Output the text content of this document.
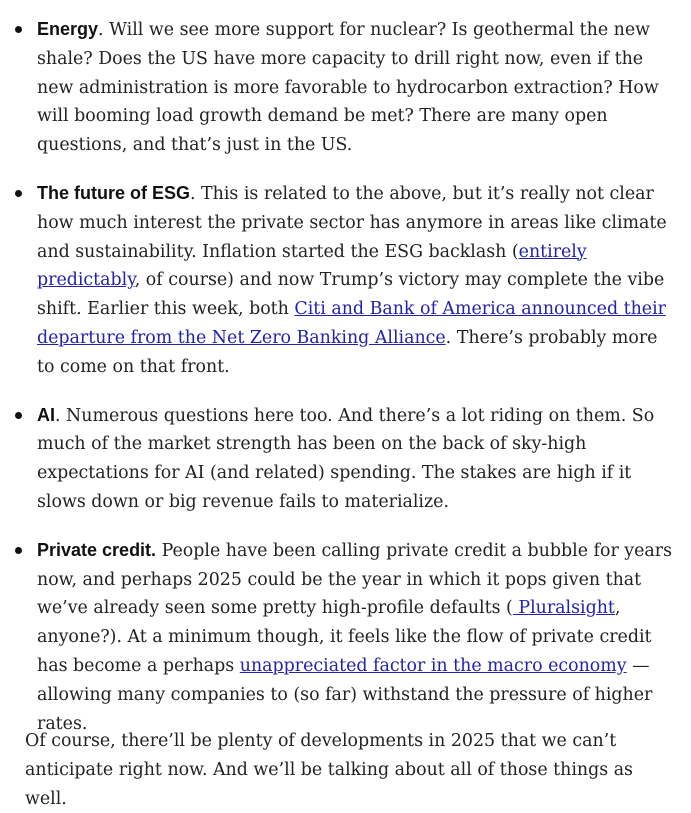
Energy. Will we see more support for nuclear? Is geothermal the new shale? Does the US have more capacity to drill right now, even if the new administration is more favorable to hydrocarbon extraction? How will booming load growth demand be met? There are many open questions, and that’s just in the US.
The future of ESG. This is related to the above, but it’s really not clear how much interest the private sector has anymore in areas like climate and sustainability. Inflation started the ESG backlash (entirely predictably, of course) and now Trump’s victory may complete the vibe shift. Earlier this week, both Citi and Bank of America announced their departure from the Net Zero Banking Alliance. There’s probably more to come on that front.
AI. Numerous questions here too. And there’s a lot riding on them. So much of the market strength has been on the back of sky-high expectations for AI (and related) spending. The stakes are high if it slows down or big revenue fails to materialize.
Private credit. People have been calling private credit a bubble for years now, and perhaps 2025 could be the year in which it pops given that we’ve already seen some pretty high-profile defaults ( Pluralsight, anyone?). At a minimum though, it feels like the flow of private credit has become a perhaps unappreciated factor in the macro economy — allowing many companies to (so far) withstand the pressure of higher rates.

Of course, there’ll be plenty of developments in 2025 that we can’t anticipate right now. And we’ll be talking about all of those things as well.
